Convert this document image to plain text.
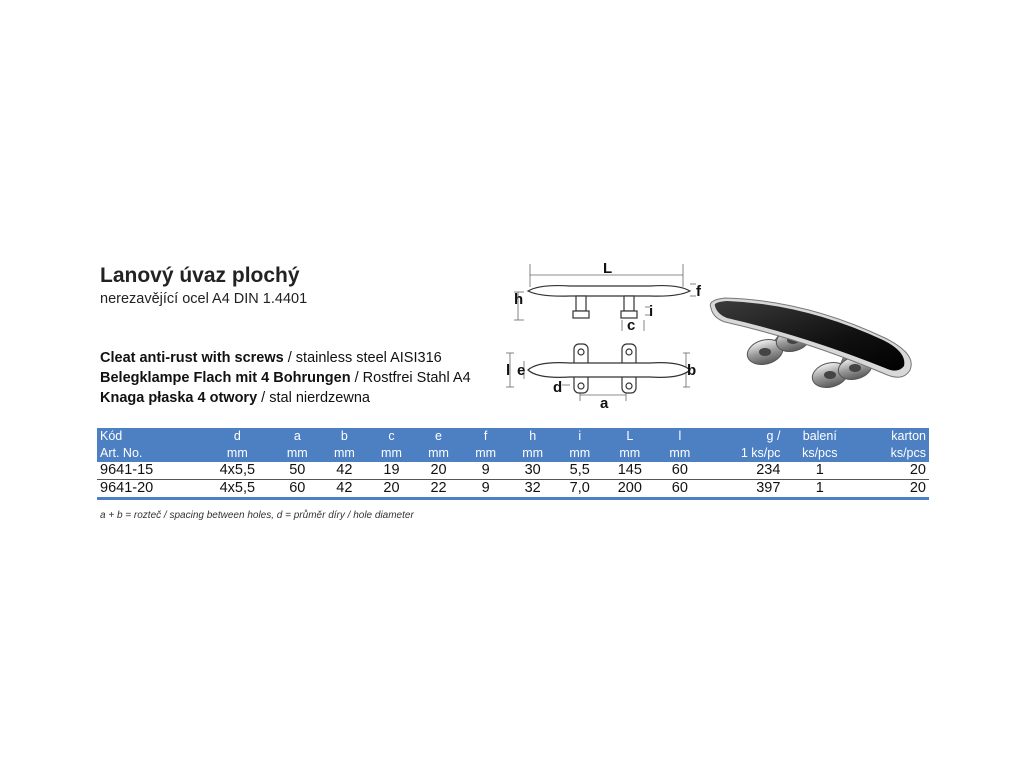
Lanový úvaz plochý
nerezavějící ocel A4 DIN 1.4401
Cleat anti-rust with screws / stainless steel AISI316
Belegklampe Flach mit 4 Bohrungen / Rostfrei Stahl A4
Knaga płaska 4 otwory / stal nierdzewna
L
f
h
i
c
l e	b
d
a
Kód	d	a	b	c	e	f	h	i	L	l	g /	balení	karton
Art. No.	mm	mm	mm	mm	mm	mm	mm	mm	mm	mm	1 ks/pc	ks/pcs	ks/pcs
9641-15	4x5,5	50	42	19	20	9	30	5,5	145	60	234	1	20
9641-20	4x5,5	60	42	20	22	9	32	7,0	200	60	397	1	20
a + b = rozteč / spacing between holes, d = průměr díry / hole diameter
